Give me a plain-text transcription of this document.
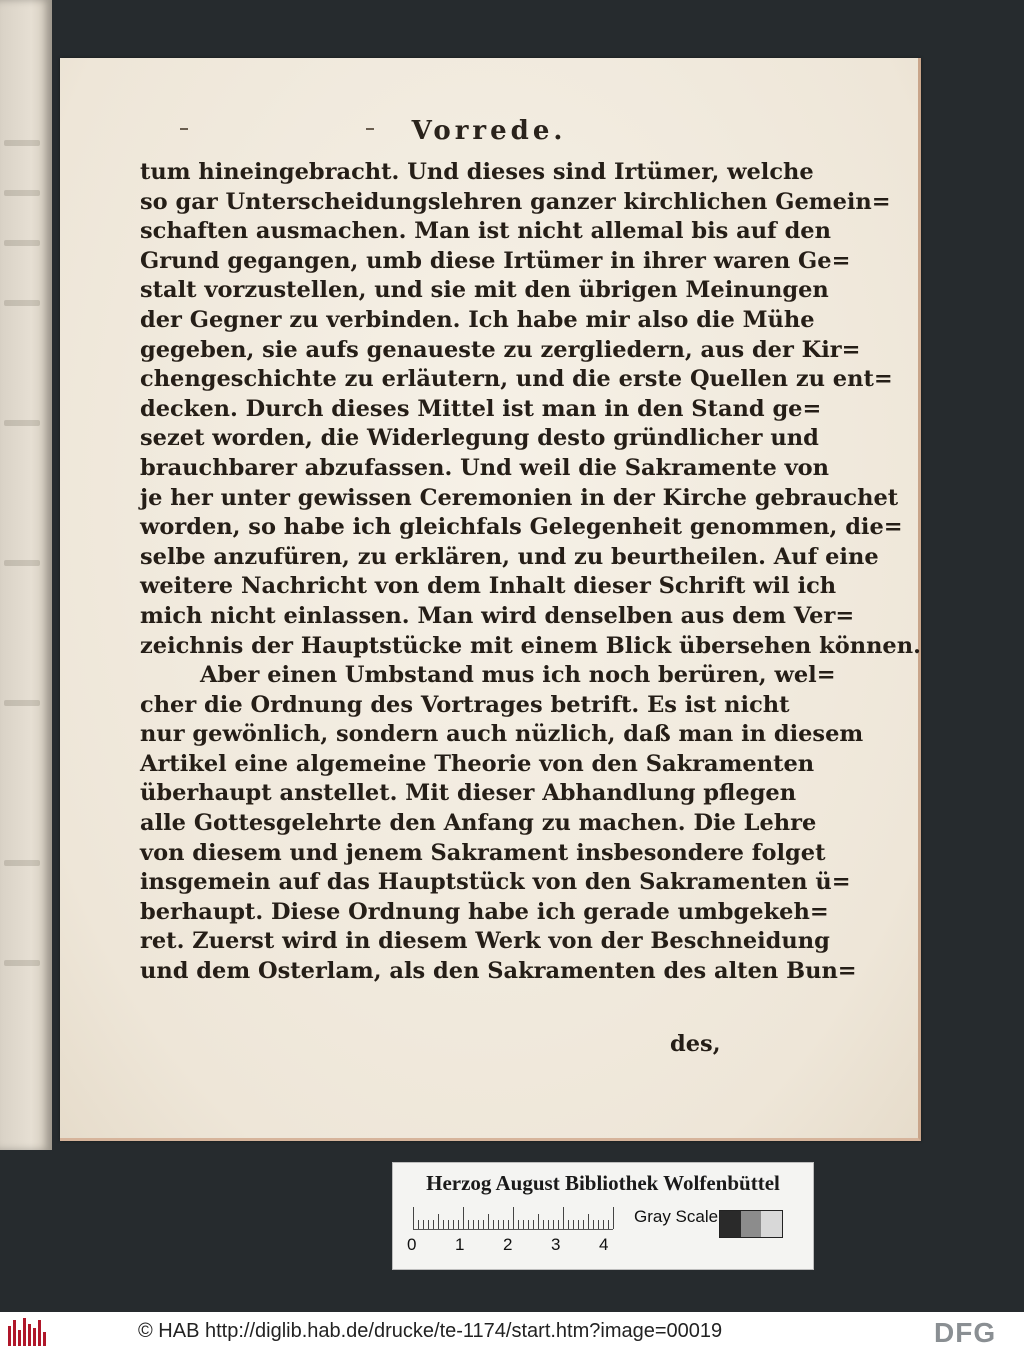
Vorrede.
tum hineingebracht. Und dieses sind Irtümer, welche
so gar Unterscheidungslehren ganzer kirchlichen Gemein=
schaften ausmachen. Man ist nicht allemal bis auf den
Grund gegangen, umb diese Irtümer in ihrer waren Ge=
stalt vorzustellen, und sie mit den übrigen Meinungen
der Gegner zu verbinden. Ich habe mir also die Mühe
gegeben, sie aufs genaueste zu zergliedern, aus der Kir=
chengeschichte zu erläutern, und die erste Quellen zu ent=
decken. Durch dieses Mittel ist man in den Stand ge=
sezet worden, die Widerlegung desto gründlicher und
brauchbarer abzufassen. Und weil die Sakramente von
je her unter gewissen Ceremonien in der Kirche gebrauchet
worden, so habe ich gleichfals Gelegenheit genommen, die=
selbe anzufüren, zu erklären, und zu beurtheilen. Auf eine
weitere Nachricht von dem Inhalt dieser Schrift wil ich
mich nicht einlassen. Man wird denselben aus dem Ver=
zeichnis der Hauptstücke mit einem Blick übersehen können.
Aber einen Umbstand mus ich noch berüren, wel=
cher die Ordnung des Vortrages betrift. Es ist nicht
nur gewönlich, sondern auch nüzlich, daß man in diesem
Artikel eine algemeine Theorie von den Sakramenten
überhaupt anstellet. Mit dieser Abhandlung pflegen
alle Gottesgelehrte den Anfang zu machen. Die Lehre
von diesem und jenem Sakrament insbesondere folget
insgemein auf das Hauptstück von den Sakramenten ü=
berhaupt. Diese Ordnung habe ich gerade umbgekeh=
ret. Zuerst wird in diesem Werk von der Beschneidung
und dem Osterlam, als den Sakramenten des alten Bun=
des,
Herzog August Bibliothek Wolfenbüttel
0 1 2 3 4
Gray Scale
© HAB http://diglib.hab.de/drucke/te-1174/start.htm?image=00019	DFG
